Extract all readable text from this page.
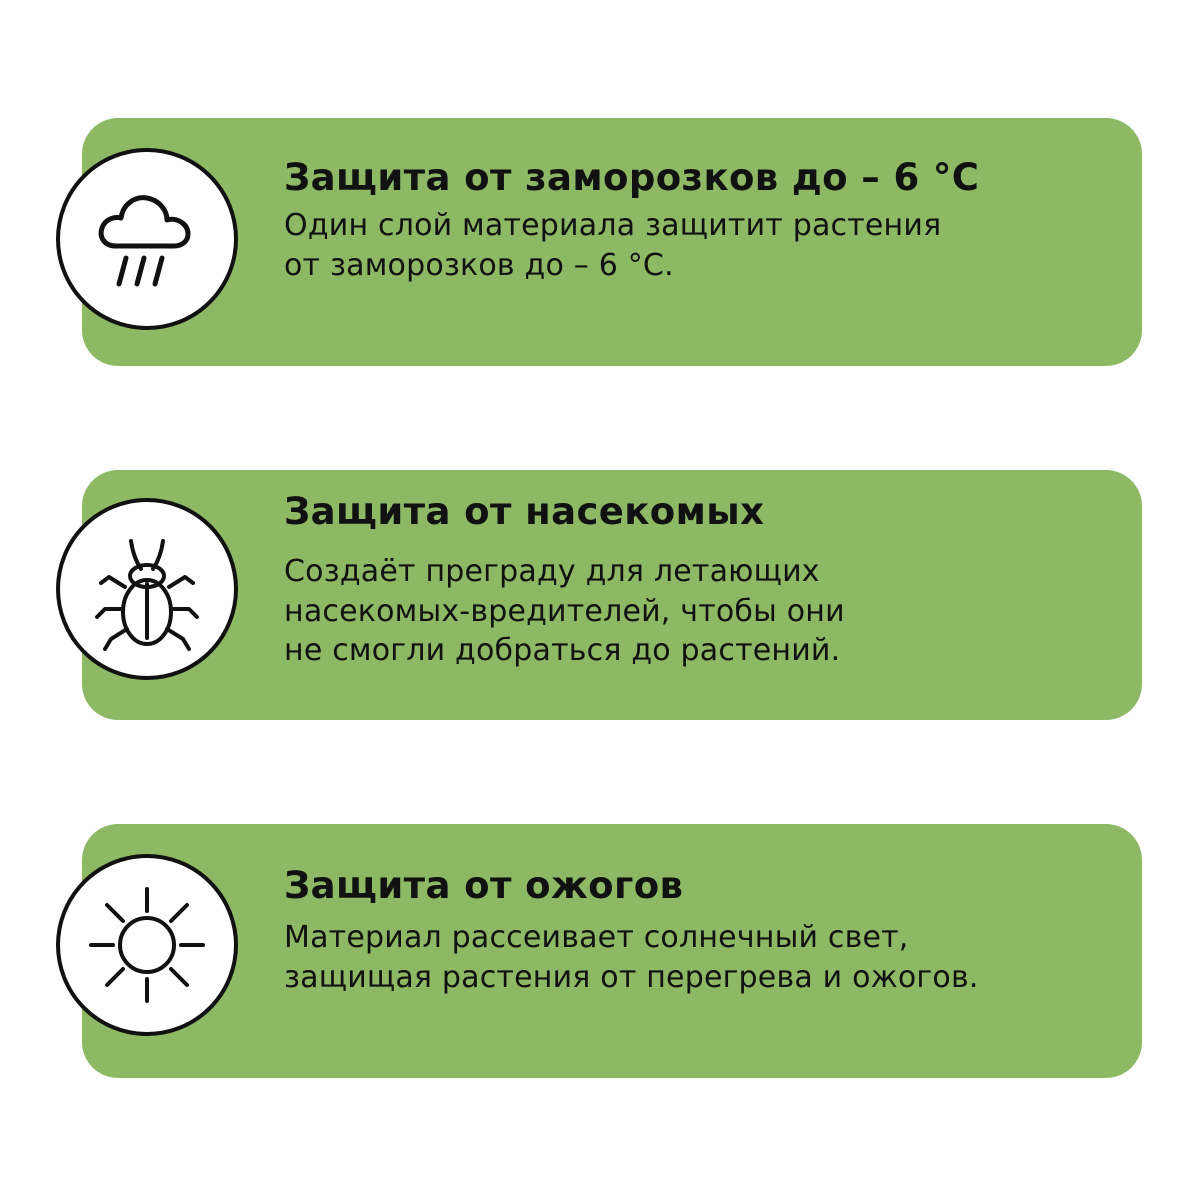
Защита от заморозков до – 6 °C

Один слой материала защитит растения
от заморозков до – 6 °C.

Защита от насекомых

Создаёт преграду для летающих
насекомых-вредителей, чтобы они
не смогли добраться до растений.

Защита от ожогов

Материал рассеивает солнечный свет,
защищая растения от перегрева и ожогов.
